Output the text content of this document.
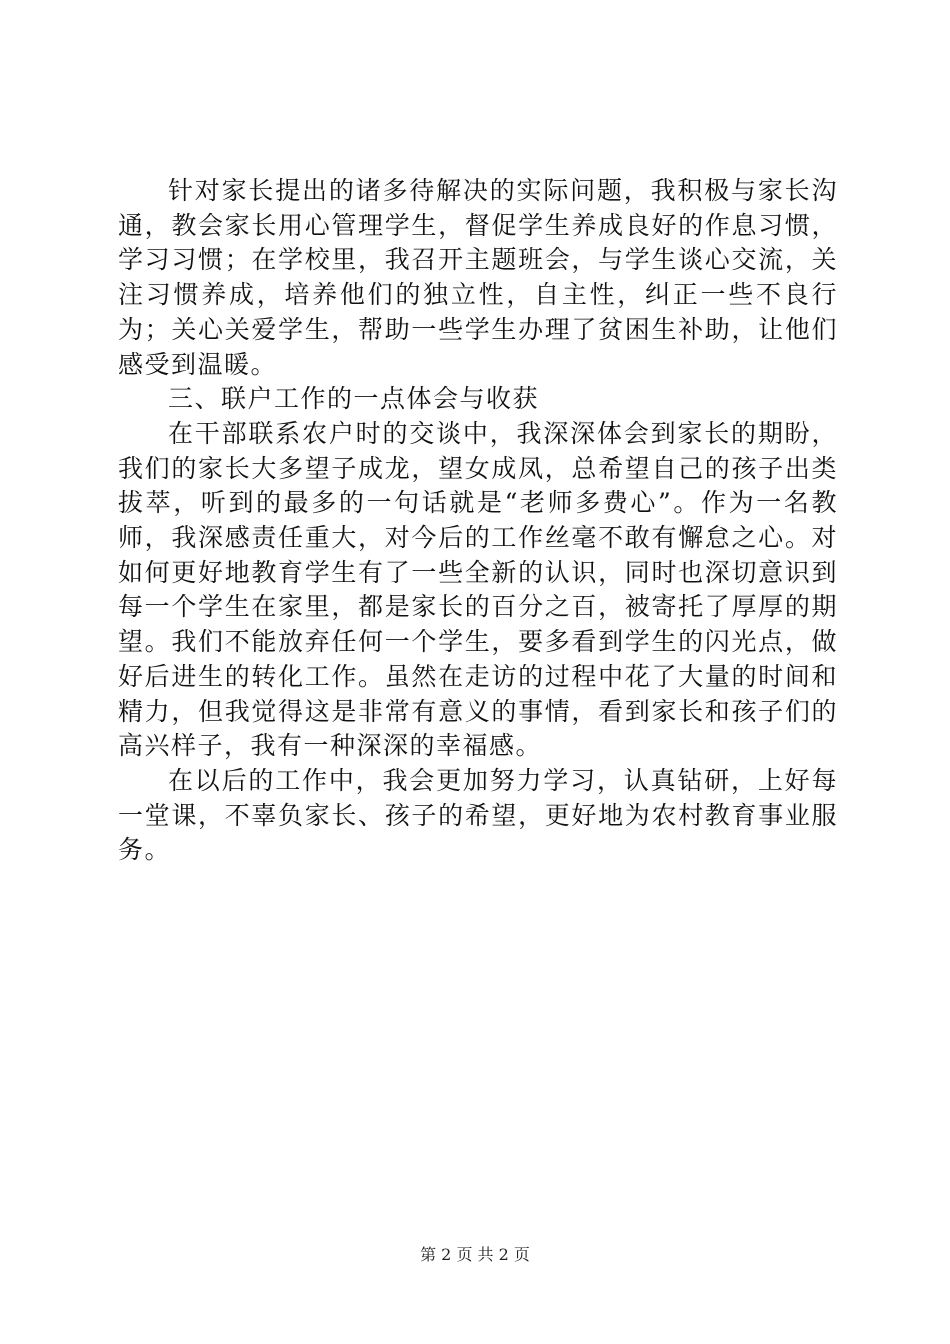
针对家长提出的诸多待解决的实际问题，我积极与家长沟通，教会家长用心管理学生，督促学生养成良好的作息习惯，学习习惯；在学校里，我召开主题班会，与学生谈心交流，关注习惯养成，培养他们的独立性，自主性，纠正一些不良行为；关心关爱学生，帮助一些学生办理了贫困生补助，让他们感受到温暖。

三、联户工作的一点体会与收获

在干部联系农户时的交谈中，我深深体会到家长的期盼，我们的家长大多望子成龙，望女成凤，总希望自己的孩子出类拔萃，听到的最多的一句话就是“老师多费心”。作为一名教师，我深感责任重大，对今后的工作丝毫不敢有懈怠之心。对如何更好地教育学生有了一些全新的认识，同时也深切意识到每一个学生在家里，都是家长的百分之百，被寄托了厚厚的期望。我们不能放弃任何一个学生，要多看到学生的闪光点，做好后进生的转化工作。虽然在走访的过程中花了大量的时间和精力，但我觉得这是非常有意义的事情，看到家长和孩子们的高兴样子，我有一种深深的幸福感。

在以后的工作中，我会更加努力学习，认真钻研，上好每一堂课，不辜负家长、孩子的希望，更好地为农村教育事业服务。

第 2 页 共 2 页
